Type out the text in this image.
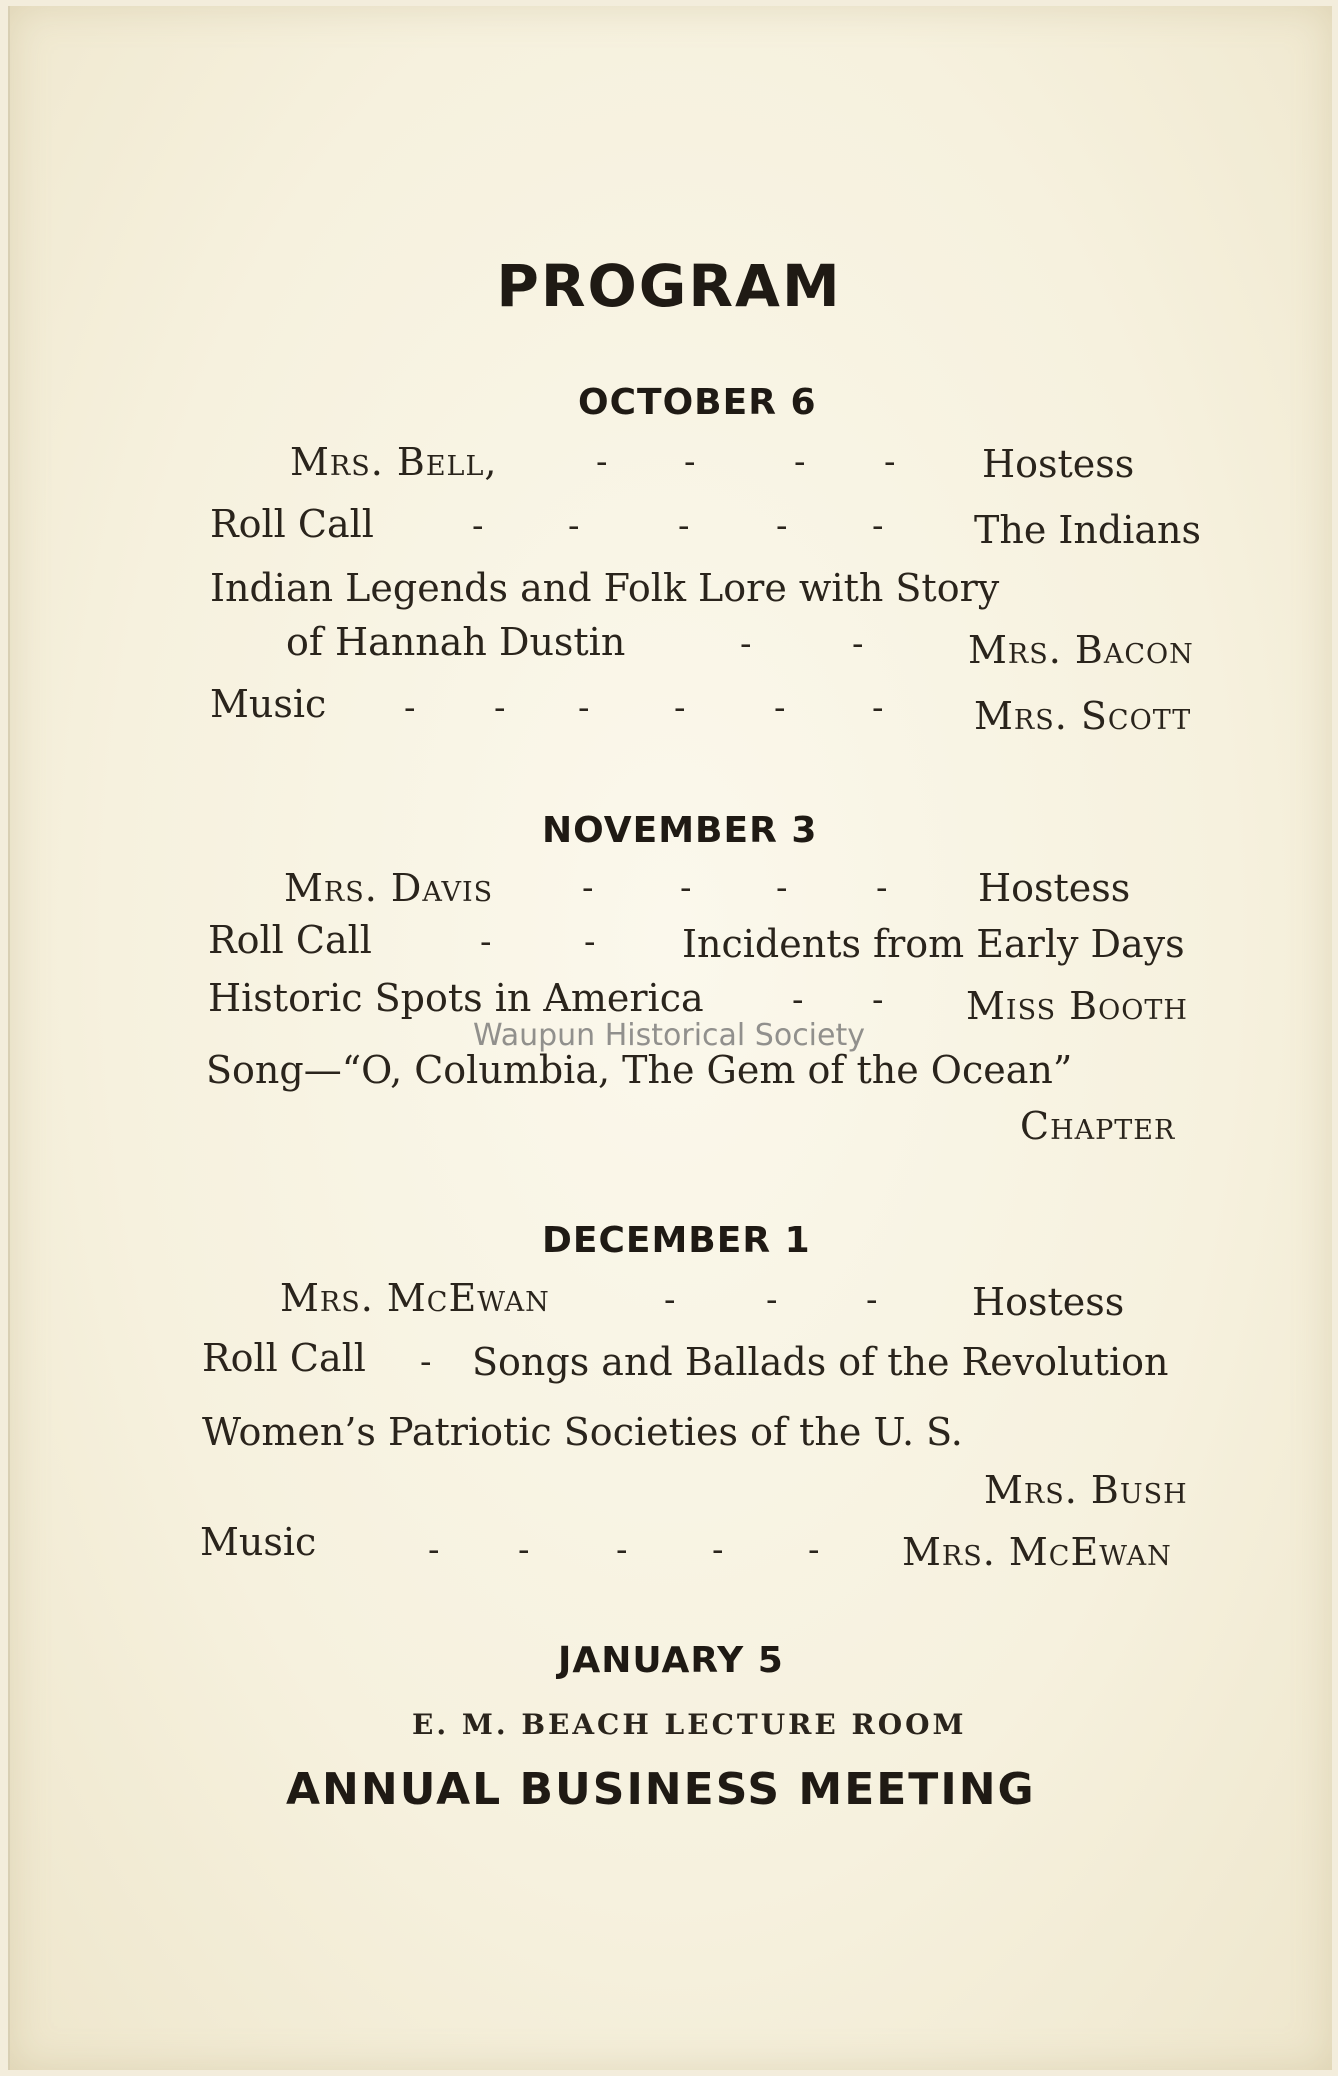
PROGRAM
OCTOBER 6
Mrs. Bell,	- -	- - Hostess
Roll Call	- -	-	- - The Indians
Indian Legends and Folk Lore with Story
of Hannah Dustin	-	-	Mrs. Bacon
Music - - - -	-	- Mrs. Scott
NOVEMBER 3
Mrs. Davis	-	- -	- Hostess
Roll Call	-	- Incidents from Early Days
Historic Spots in America	- - Miss Booth
Song—“O, Columbia, The Gem of the Ocean”
Chapter
Waupun Historical Society
DECEMBER 1
Mrs. McEwan	-	-	- Hostess
Roll Call - Songs and Ballads of the Revolution
Women’s Patriotic Societies of the U. S.
Mrs. Bush
Music	- -	- - - Mrs. McEwan
JANUARY 5
E. M. BEACH LECTURE ROOM
ANNUAL BUSINESS MEETING
